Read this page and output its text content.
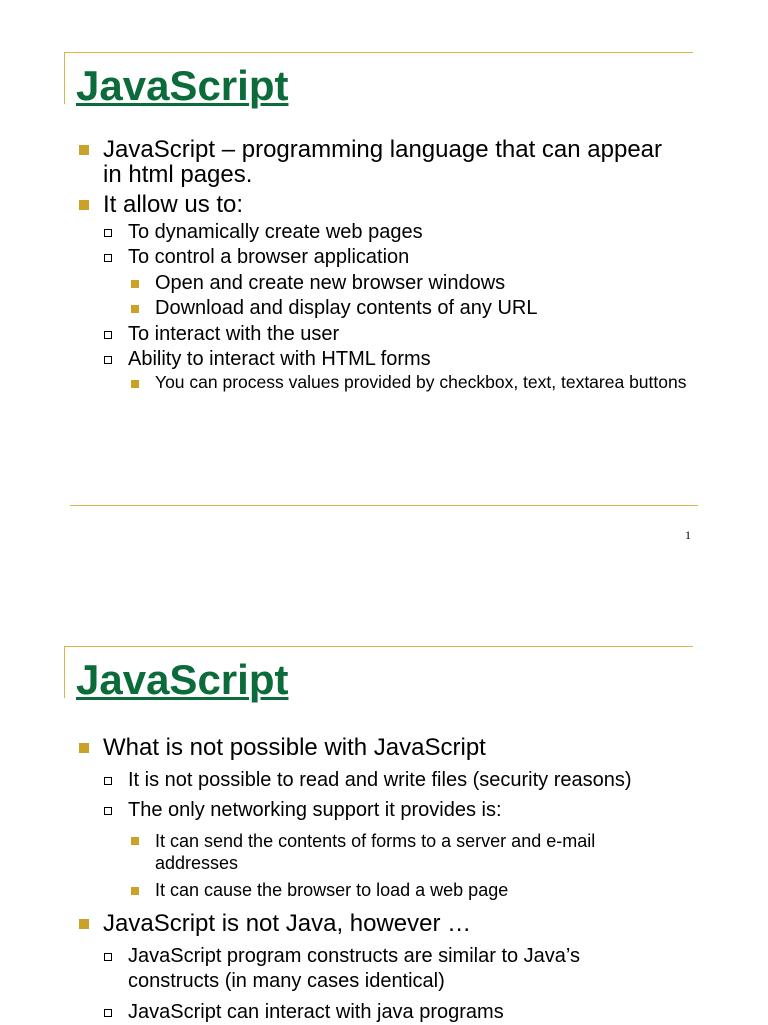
JavaScript
JavaScript – programming language that can appear in html pages.
It allow us to:
To dynamically create web pages
To control a browser application
Open and create new browser windows
Download and display contents of any URL
To interact with the user
Ability to interact with HTML forms
You can process values provided by checkbox, text, textarea buttons
1
JavaScript
What is not possible with JavaScript
It is not possible to read and write files (security reasons)
The only networking support it provides is:
It can send the contents of forms to a server and e-mail addresses
It can cause the browser to load a web page
JavaScript is not Java, however …
JavaScript program constructs are similar to Java’s constructs (in many cases identical)
JavaScript can interact with java programs
